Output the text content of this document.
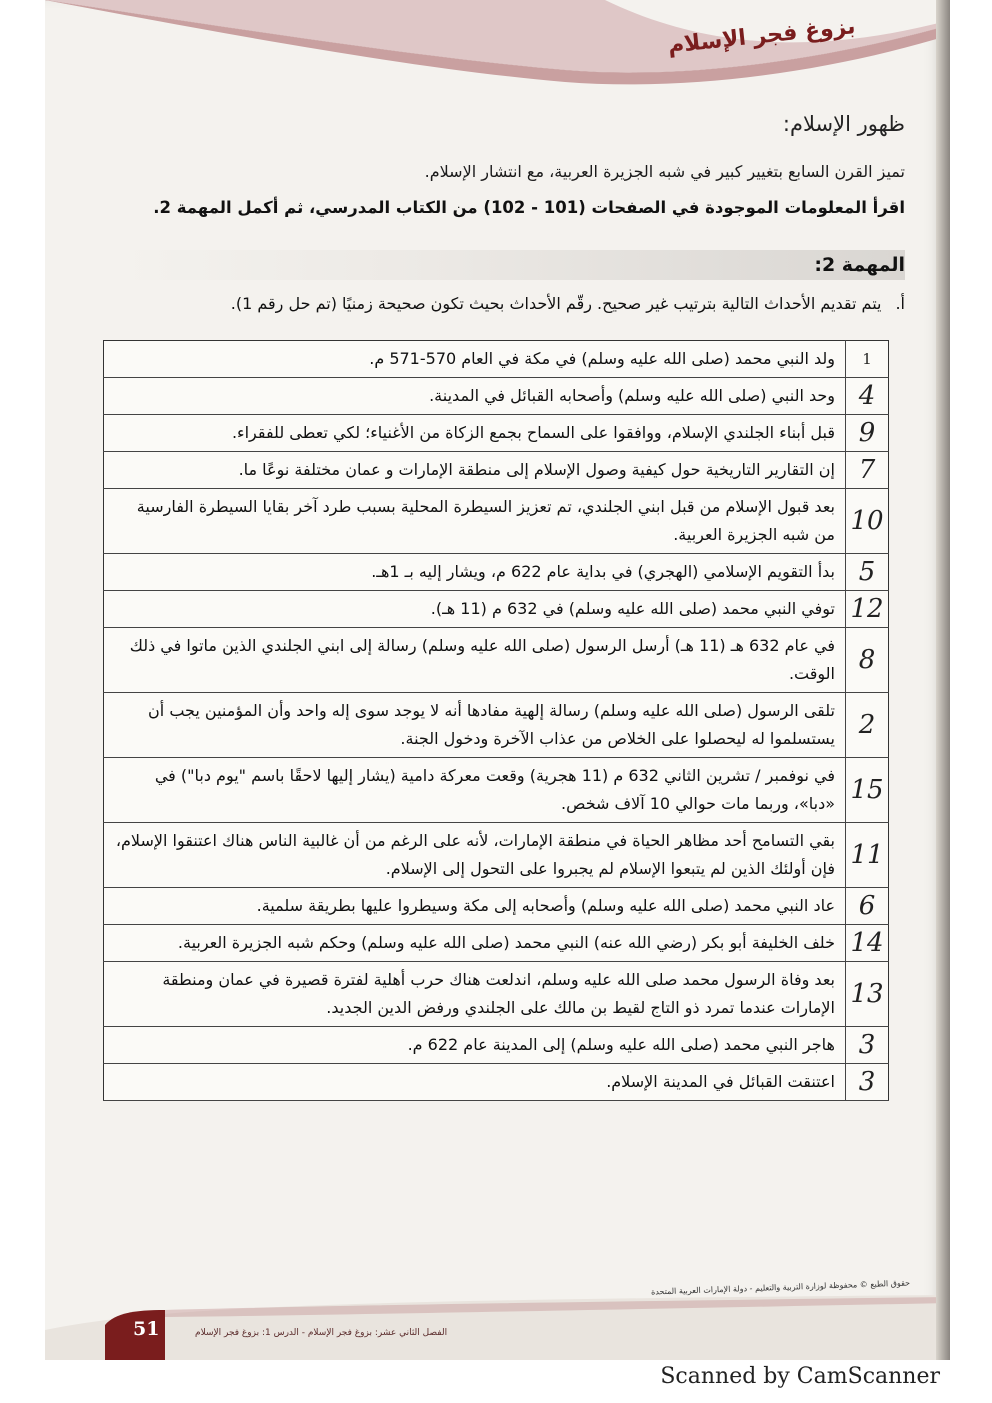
بزوغ فجر الإسلام
ظهور الإسلام:
تميز القرن السابع بتغيير كبير في شبه الجزيرة العربية، مع انتشار الإسلام.
اقرأ المعلومات الموجودة في الصفحات (101 - 102) من الكتاب المدرسي، ثم أكمل المهمة 2.
المهمة 2:
أ.يتم تقديم الأحداث التالية بترتيب غير صحيح. رقّم الأحداث بحيث تكون صحيحة زمنيًا (تم حل رقم 1).
1	ولد النبي محمد (صلى الله عليه وسلم) في مكة في العام 570-571 م.
4	وحد النبي (صلى الله عليه وسلم) وأصحابه القبائل في المدينة.
9	قبل أبناء الجلندي الإسلام، ووافقوا على السماح بجمع الزكاة من الأغنياء؛ لكي تعطى للفقراء.
7	إن التقارير التاريخية حول كيفية وصول الإسلام إلى منطقة الإمارات و عمان مختلفة نوعًا ما.
10	بعد قبول الإسلام من قبل ابني الجلندي، تم تعزيز السيطرة المحلية بسبب طرد آخر بقايا السيطرة الفارسية من شبه الجزيرة العربية.
5	بدأ التقويم الإسلامي (الهجري) في بداية عام 622 م، ويشار إليه بـ 1هـ.
12	توفي النبي محمد (صلى الله عليه وسلم) في 632 م (11 هـ).
8	في عام 632 هـ (11 هـ) أرسل الرسول (صلى الله عليه وسلم) رسالة إلى ابني الجلندي الذين ماتوا في ذلك الوقت.
2	تلقى الرسول (صلى الله عليه وسلم) رسالة إلهية مفادها أنه لا يوجد سوى إله واحد وأن المؤمنين يجب أن يستسلموا له ليحصلوا على الخلاص من عذاب الآخرة ودخول الجنة.
15	في نوفمبر / تشرين الثاني 632 م (11 هجرية) وقعت معركة دامية (يشار إليها لاحقًا باسم "يوم دبا") في «دبا»، وربما مات حوالي 10 آلاف شخص.
11	بقي التسامح أحد مظاهر الحياة في منطقة الإمارات، لأنه على الرغم من أن غالبية الناس هناك اعتنقوا الإسلام، فإن أولئك الذين لم يتبعوا الإسلام لم يجبروا على التحول إلى الإسلام.
6	عاد النبي محمد (صلى الله عليه وسلم) وأصحابه إلى مكة وسيطروا عليها بطريقة سلمية.
14	خلف الخليفة أبو بكر (رضي الله عنه) النبي محمد (صلى الله عليه وسلم) وحكم شبه الجزيرة العربية.
13	بعد وفاة الرسول محمد صلى الله عليه وسلم، اندلعت هناك حرب أهلية لفترة قصيرة في عمان ومنطقة الإمارات عندما تمرد ذو التاج لقيط بن مالك على الجلندي ورفض الدين الجديد.
3	هاجر النبي محمد (صلى الله عليه وسلم) إلى المدينة عام 622 م.
3	اعتنقت القبائل في المدينة الإسلام.
حقوق الطبع © محفوظة لوزارة التربية والتعليم - دولة الإمارات العربية المتحدة
51	الفصل الثاني عشر: بزوغ فجر الإسلام - الدرس 1: بزوغ فجر الإسلام
Scanned by CamScanner
